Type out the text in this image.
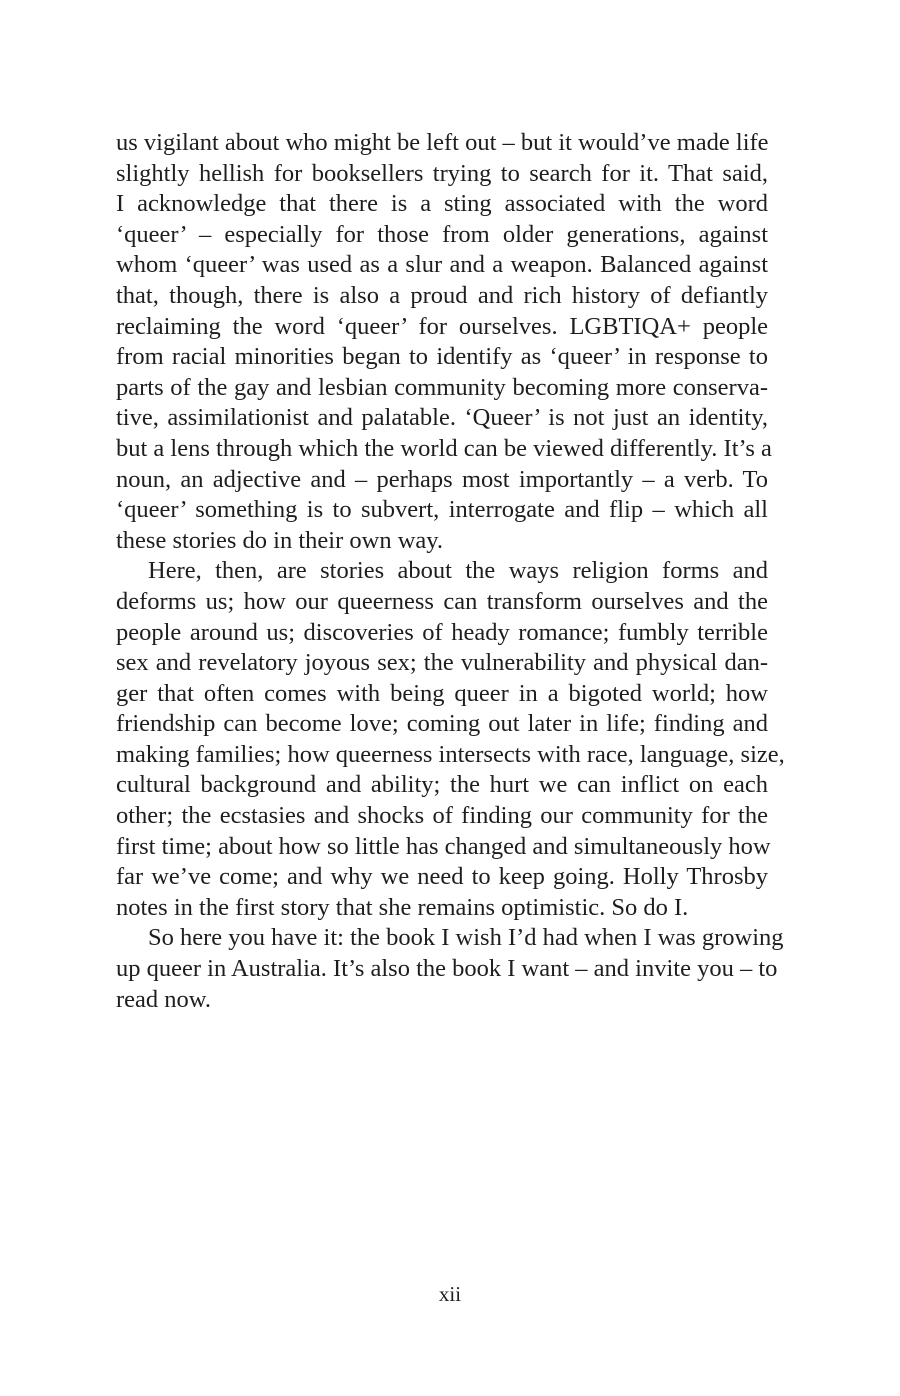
us vigilant about who might be left out – but it would’ve made life
slightly hellish for booksellers trying to search for it. That said,
I acknowledge that there is a sting associated with the word
‘queer’ – especially for those from older generations, against
whom ‘queer’ was used as a slur and a weapon. Balanced against
that, though, there is also a proud and rich history of defiantly
reclaiming the word ‘queer’ for ourselves. LGBTIQA+ people
from racial minorities began to identify as ‘queer’ in response to
parts of the gay and lesbian community becoming more conserva-
tive, assimilationist and palatable. ‘Queer’ is not just an identity,
but a lens through which the world can be viewed differently. It’s a
noun, an adjective and – perhaps most importantly – a verb. To
‘queer’ something is to subvert, interrogate and flip – which all
these stories do in their own way.
Here, then, are stories about the ways religion forms and
deforms us; how our queerness can transform ourselves and the
people around us; discoveries of heady romance; fumbly terrible
sex and revelatory joyous sex; the vulnerability and physical dan-
ger that often comes with being queer in a bigoted world; how
friendship can become love; coming out later in life; finding and
making families; how queerness intersects with race, language, size,
cultural background and ability; the hurt we can inflict on each
other; the ecstasies and shocks of finding our community for the
first time; about how so little has changed and simultaneously how
far we’ve come; and why we need to keep going. Holly Throsby
notes in the first story that she remains optimistic. So do I.
So here you have it: the book I wish I’d had when I was growing
up queer in Australia. It’s also the book I want – and invite you – to
read now.
xii
